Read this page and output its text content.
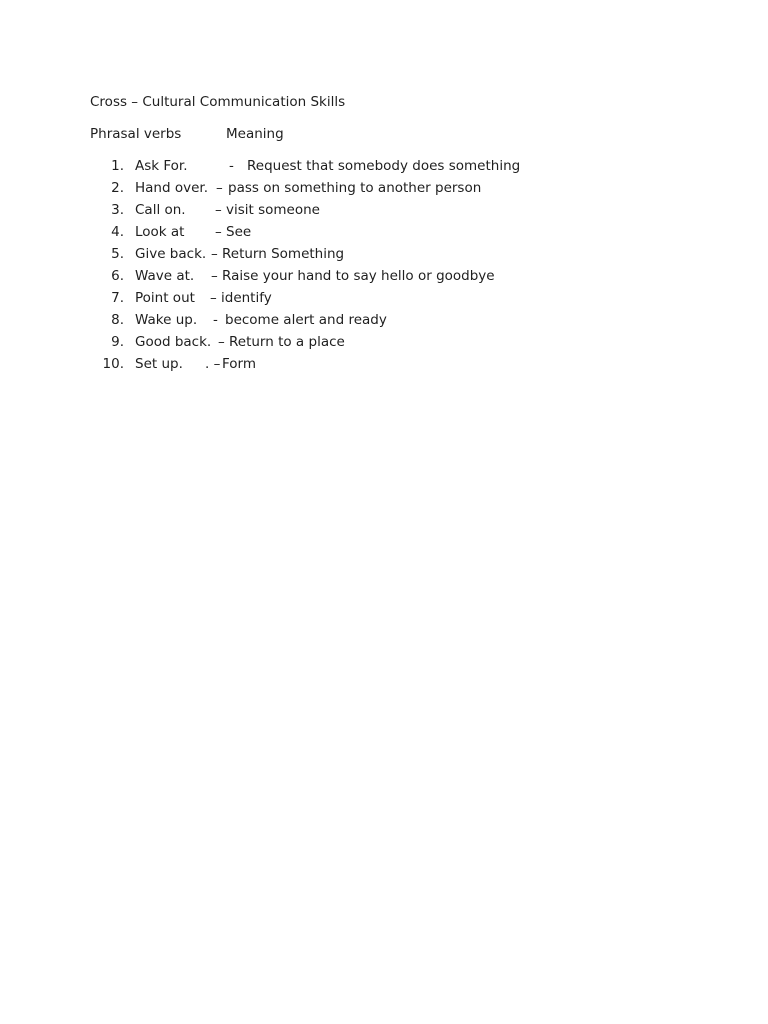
Cross – Cultural Communication Skills
Phrasal verbs	Meaning
1. Ask For.	- Request that somebody does something
2. Hand over. – pass on something to another person
3. Call on. – visit someone
4. Look at – See
5. Give back. – Return Something
6. Wave at. – Raise your hand to say hello or goodbye
7. Point out – identify
8. Wake up. - become alert and ready
9. Good back. – Return to a place
10. Set up. . – Form
